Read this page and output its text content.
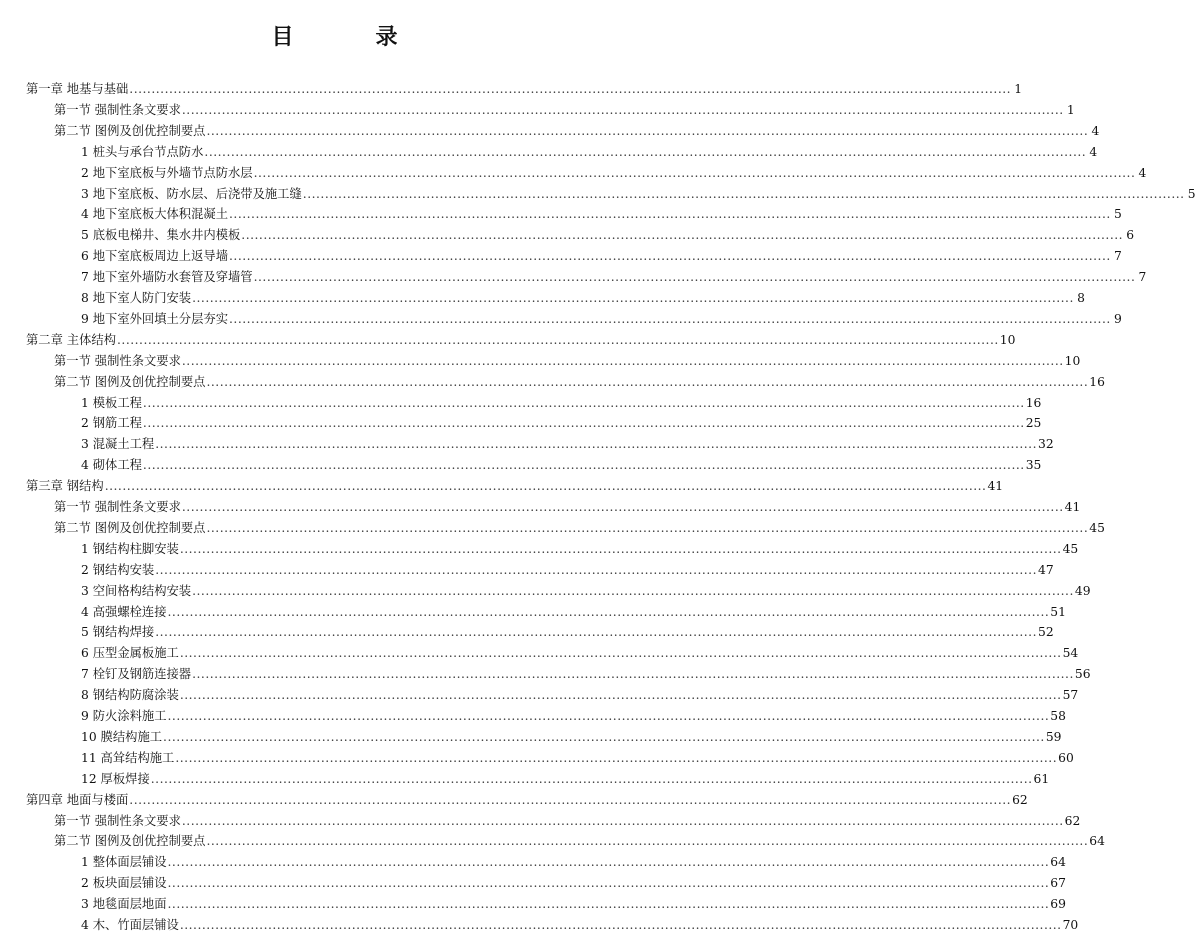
目　录
第一章 地基与基础 ........................................................................................................................................................................................................ 1
第一节 强制性条文要求 ........................................................................................................................................................................................................ 1
第二节 图例及创优控制要点 ........................................................................................................................................................................................................ 4
1 桩头与承台节点防水 ........................................................................................................................................................................................................ 4
2 地下室底板与外墙节点防水层 ........................................................................................................................................................................................................ 4
3 地下室底板、防水层、后浇带及施工缝 ........................................................................................................................................................................................................ 5
4 地下室底板大体积混凝土 ........................................................................................................................................................................................................ 5
5 底板电梯井、集水井内模板 ........................................................................................................................................................................................................ 6
6 地下室底板周边上返导墙 ........................................................................................................................................................................................................ 7
7 地下室外墙防水套管及穿墙管 ........................................................................................................................................................................................................ 7
8 地下室人防门安装 ........................................................................................................................................................................................................ 8
9 地下室外回填土分层夯实 ........................................................................................................................................................................................................ 9
第二章 主体结构 ........................................................................................................................................................................................................ 10
第一节 强制性条文要求 ........................................................................................................................................................................................................ 10
第二节 图例及创优控制要点 ........................................................................................................................................................................................................ 16
1 模板工程 ........................................................................................................................................................................................................ 16
2 钢筋工程 ........................................................................................................................................................................................................ 25
3 混凝土工程 ........................................................................................................................................................................................................ 32
4 砌体工程 ........................................................................................................................................................................................................ 35
第三章 钢结构 ........................................................................................................................................................................................................ 41
第一节 强制性条文要求 ........................................................................................................................................................................................................ 41
第二节 图例及创优控制要点 ........................................................................................................................................................................................................ 45
1 钢结构柱脚安装 ........................................................................................................................................................................................................ 45
2 钢结构安装 ........................................................................................................................................................................................................ 47
3 空间格构结构安装 ........................................................................................................................................................................................................ 49
4 高强螺栓连接 ........................................................................................................................................................................................................ 51
5 钢结构焊接 ........................................................................................................................................................................................................ 52
6 压型金属板施工 ........................................................................................................................................................................................................ 54
7 栓钉及钢筋连接器 ........................................................................................................................................................................................................ 56
8 钢结构防腐涂装 ........................................................................................................................................................................................................ 57
9 防火涂料施工 ........................................................................................................................................................................................................ 58
10 膜结构施工 ........................................................................................................................................................................................................ 59
11 高耸结构施工 ........................................................................................................................................................................................................ 60
12 厚板焊接 ........................................................................................................................................................................................................ 61
第四章 地面与楼面 ........................................................................................................................................................................................................ 62
第一节 强制性条文要求 ........................................................................................................................................................................................................ 62
第二节 图例及创优控制要点 ........................................................................................................................................................................................................ 64
1 整体面层铺设 ........................................................................................................................................................................................................ 64
2 板块面层铺设 ........................................................................................................................................................................................................ 67
3 地毯面层地面 ........................................................................................................................................................................................................ 69
4 木、竹面层铺设 ........................................................................................................................................................................................................ 70
